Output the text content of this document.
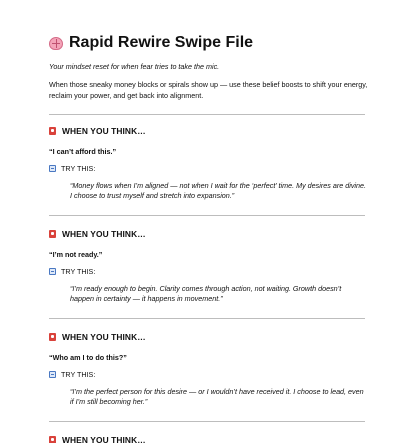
Rapid Rewire Swipe File
Your mindset reset for when fear tries to take the mic.
When those sneaky money blocks or spirals show up — use these belief boosts to shift your energy, reclaim your power, and get back into alignment.
WHEN YOU THINK…
“I can’t afford this.”
TRY THIS:
“Money flows when I’m aligned — not when I wait for the ‘perfect’ time. My desires are divine. I choose to trust myself and stretch into expansion.”
WHEN YOU THINK…
“I’m not ready.”
TRY THIS:
“I’m ready enough to begin. Clarity comes through action, not waiting. Growth doesn’t happen in certainty — it happens in movement.”
WHEN YOU THINK…
“Who am I to do this?”
TRY THIS:
“I’m the perfect person for this desire — or I wouldn’t have received it. I choose to lead, even if I’m still becoming her.”
WHEN YOU THINK…
